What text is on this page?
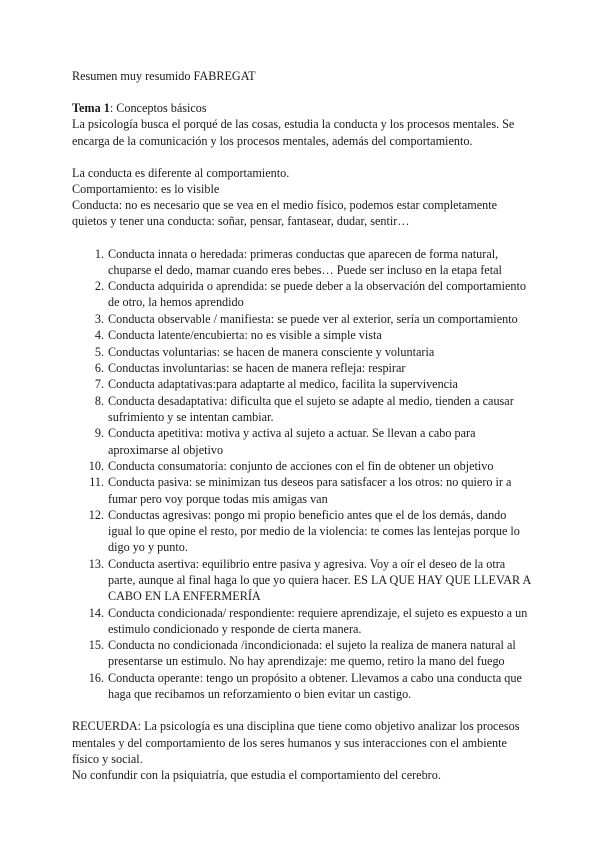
Resumen muy resumido FABREGAT
Tema 1: Conceptos básicos
La psicología busca el porqué de las cosas, estudia la conducta y los procesos mentales. Se encarga de la comunicación y los procesos mentales, además del comportamiento.
La conducta es diferente al comportamiento.
Comportamiento: es lo visible
Conducta: no es necesario que se vea en el medio físico, podemos estar completamente quietos y tener una conducta: soñar, pensar, fantasear, dudar, sentir…
1. Conducta innata o heredada: primeras conductas que aparecen de forma natural, chuparse el dedo, mamar cuando eres bebes… Puede ser incluso en la etapa fetal
2. Conducta adquirida o aprendida: se puede deber a la observación del comportamiento de otro, la hemos aprendido
3. Conducta observable / manifiesta: se puede ver al exterior, sería un comportamiento
4. Conducta latente/encubierta: no es visible a simple vista
5. Conductas voluntarias: se hacen de manera consciente y voluntaria
6. Conductas involuntarias: se hacen de manera refleja: respirar
7. Conducta adaptativas:para adaptarte al medico, facilita la supervivencia
8. Conducta desadaptativa: dificulta que el sujeto se adapte al medio, tienden a causar sufrimiento y se intentan cambiar.
9. Conducta apetitiva: motiva y activa al sujeto a actuar. Se llevan a cabo para aproximarse al objetivo
10. Conducta consumatoria: conjunto de acciones con el fin de obtener un objetivo
11. Conducta pasiva: se minimizan tus deseos para satisfacer a los otros: no quiero ir a fumar pero voy porque todas mis amigas van
12. Conductas agresivas: pongo mi propio beneficio antes que el de los demás, dando igual lo que opine el resto, por medio de la violencia: te comes las lentejas porque lo digo yo y punto.
13. Conducta asertiva: equilibrio entre pasiva y agresiva. Voy a oír el deseo de la otra parte, aunque al final haga lo que yo quiera hacer. ES LA QUE HAY QUE LLEVAR A CABO EN LA ENFERMERÍA
14. Conducta condicionada/ respondiente: requiere aprendizaje, el sujeto es expuesto a un estimulo condicionado y responde de cierta manera.
15. Conducta no condicionada /incondicionada: el sujeto la realiza de manera natural al presentarse un estimulo. No hay aprendizaje: me quemo, retiro la mano del fuego
16. Conducta operante: tengo un propósito a obtener. Llevamos a cabo una conducta que haga que recibamos un reforzamiento o bien evitar un castigo.
RECUERDA: La psicología es una disciplina que tiene como objetivo analizar los procesos mentales y del comportamiento de los seres humanos y sus interacciones con el ambiente físico y social.
No confundir con la psiquiatría, que estudia el comportamiento del cerebro.
